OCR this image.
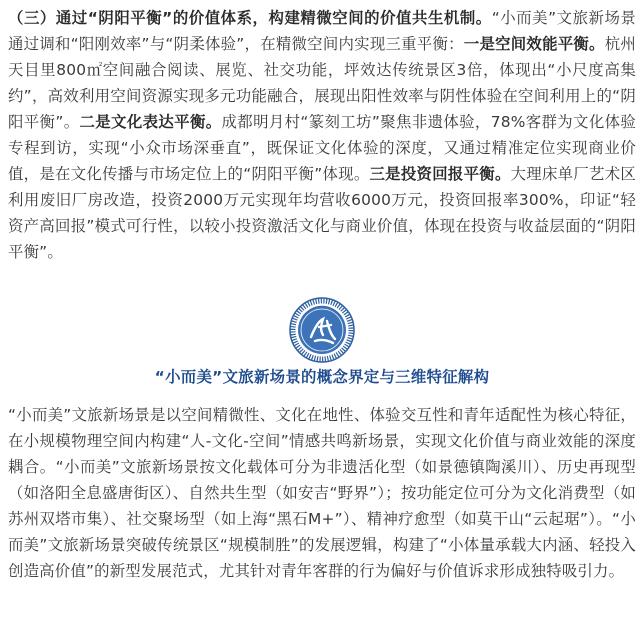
（三）通过“阴阳平衡”的价值体系，构建精微空间的价值共生机制。“小而美”文旅新场景通过调和“阳刚效率”与“阴柔体验”，在精微空间内实现三重平衡：一是空间效能平衡。杭州天目里800㎡空间融合阅读、展览、社交功能，坪效达传统景区3倍，体现出“小尺度高集约”，高效利用空间资源实现多元功能融合，展现出阳性效率与阴性体验在空间利用上的“阴阳平衡”。二是文化表达平衡。成都明月村“篆刻工坊”聚焦非遗体验，78%客群为文化体验专程到访，实现“小众市场深垂直”，既保证文化体验的深度，又通过精准定位实现商业价值，是在文化传播与市场定位上的“阴阳平衡”体现。三是投资回报平衡。大理床单厂艺术区利用废旧厂房改造，投资2000万元实现年均营收6000万元，投资回报率300%，印证“轻资产高回报”模式可行性，以较小投资激活文化与商业价值，体现在投资与收益层面的“阴阳平衡”。

“小而美”文旅新场景的概念界定与三维特征解构

“小而美”文旅新场景是以空间精微性、文化在地性、体验交互性和青年适配性为核心特征，在小规模物理空间内构建“人-文化-空间”情感共鸣新场景，实现文化价值与商业效能的深度耦合。“小而美”文旅新场景按文化载体可分为非遗活化型（如景德镇陶溪川）、历史再现型（如洛阳全息盛唐街区）、自然共生型（如安吉“野界”）；按功能定位可分为文化消费型（如苏州双塔市集）、社交聚场型（如上海“黑石M+”）、精神疗愈型（如莫干山“云起琚”）。“小而美”文旅新场景突破传统景区“规模制胜”的发展逻辑，构建了“小体量承载大内涵、轻投入创造高价值”的新型发展范式，尤其针对青年客群的行为偏好与价值诉求形成独特吸引力。
